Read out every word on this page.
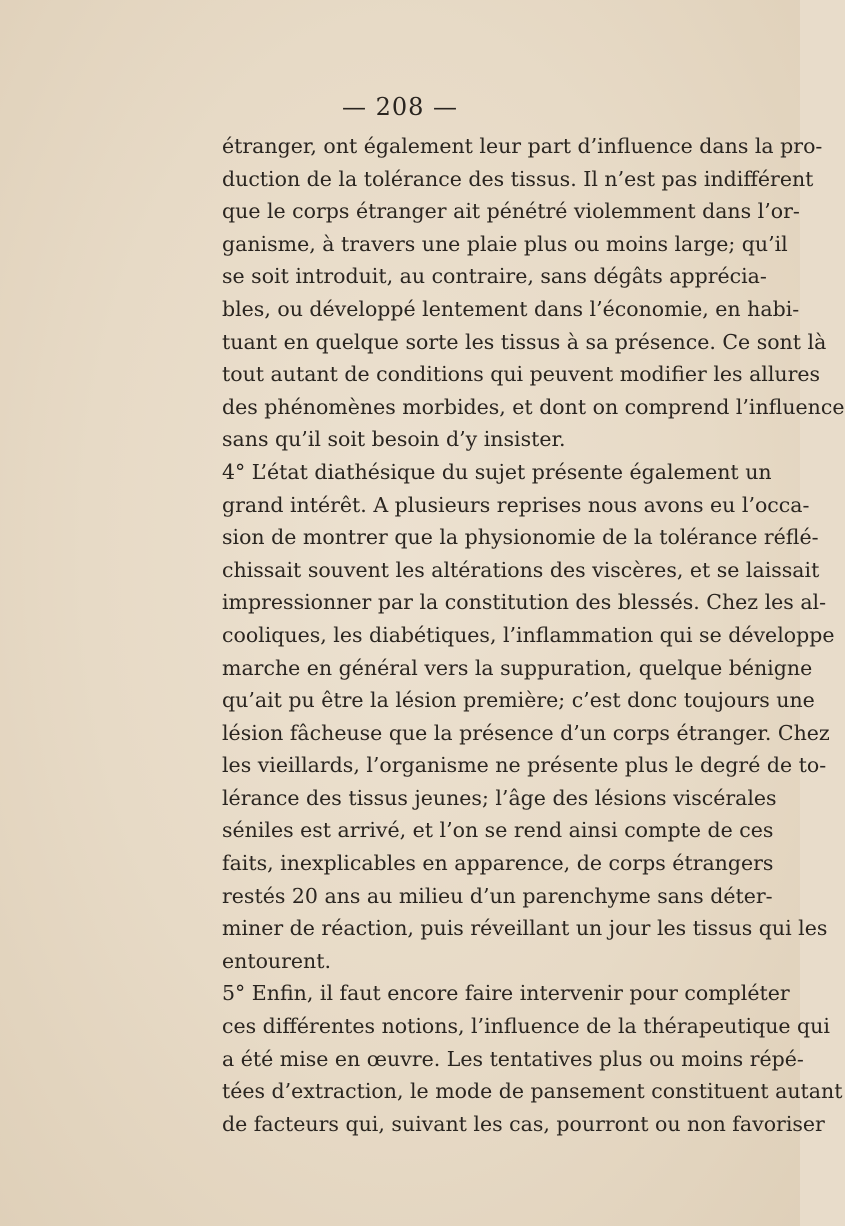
— 208 —
étranger, ont également leur part d’influence dans la pro-
duction de la tolérance des tissus. Il n’est pas indifférent
que le corps étranger ait pénétré violemment dans l’or-
ganisme, à travers une plaie plus ou moins large; qu’il
se soit introduit, au contraire, sans dégâts apprécia-
bles, ou développé lentement dans l’économie, en habi-
tuant en quelque sorte les tissus à sa présence. Ce sont là
tout autant de conditions qui peuvent modifier les allures
des phénomènes morbides, et dont on comprend l’influence
sans qu’il soit besoin d’y insister.
4° L’état diathésique du sujet présente également un
grand intérêt. A plusieurs reprises nous avons eu l’occa-
sion de montrer que la physionomie de la tolérance réflé-
chissait souvent les altérations des viscères, et se laissait
impressionner par la constitution des blessés. Chez les al-
cooliques, les diabétiques, l’inflammation qui se développe
marche en général vers la suppuration, quelque bénigne
qu’ait pu être la lésion première; c’est donc toujours une
lésion fâcheuse que la présence d’un corps étranger. Chez
les vieillards, l’organisme ne présente plus le degré de to-
lérance des tissus jeunes; l’âge des lésions viscérales
séniles est arrivé, et l’on se rend ainsi compte de ces
faits, inexplicables en apparence, de corps étrangers
restés 20 ans au milieu d’un parenchyme sans déter-
miner de réaction, puis réveillant un jour les tissus qui les
entourent.
5° Enfin, il faut encore faire intervenir pour compléter
ces différentes notions, l’influence de la thérapeutique qui
a été mise en œuvre. Les tentatives plus ou moins répé-
tées d’extraction, le mode de pansement constituent autant
de facteurs qui, suivant les cas, pourront ou non favoriser
